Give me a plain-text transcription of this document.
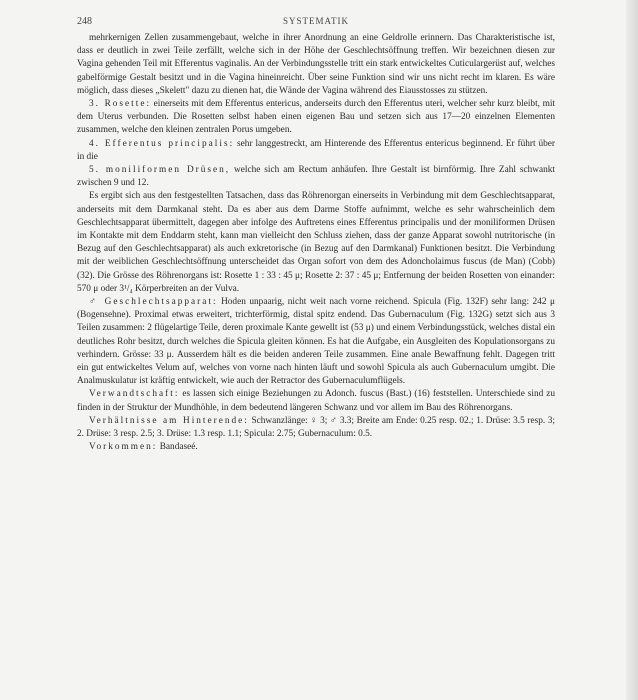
248	SYSTEMATIK

mehrkernigen Zellen zusammengebaut, welche in ihrer Anordnung an eine Geldrolle erinnern. Das Charakteristische ist, dass er deutlich in zwei Teile zerfällt, welche sich in der Höhe der Geschlechtsöffnung treffen. Wir bezeichnen diesen zur Vagina gehenden Teil mit Efferentus vaginalis. An der Verbindungsstelle tritt ein stark entwickeltes Cuticulargerüst auf, welches gabelförmige Gestalt besitzt und in die Vagina hineinreicht. Über seine Funktion sind wir uns nicht recht im klaren. Es wäre möglich, dass dieses „Skelett" dazu zu dienen hat, die Wände der Vagina während des Eiausstosses zu stützen.

3. Rosette: einerseits mit dem Efferentus entericus, anderseits durch den Efferentus uteri, welcher sehr kurz bleibt, mit dem Uterus verbunden. Die Rosetten selbst haben einen eigenen Bau und setzen sich aus 17—20 einzelnen Elementen zusammen, welche den kleinen zentralen Porus umgeben.

4. Efferentus principalis: sehr langgestreckt, am Hinterende des Efferentus entericus beginnend. Er führt über in die

5. moniliformen Drüsen, welche sich am Rectum anhäufen. Ihre Gestalt ist birnförmig. Ihre Zahl schwankt zwischen 9 und 12.

Es ergibt sich aus den festgestellten Tatsachen, dass das Röhrenorgan einerseits in Verbindung mit dem Geschlechtsapparat, anderseits mit dem Darmkanal steht. Da es aber aus dem Darme Stoffe aufnimmt, welche es sehr wahrscheinlich dem Geschlechtsapparat übermittelt, dagegen aber infolge des Auftretens eines Efferentus principalis und der moniliformen Drüsen im Kontakte mit dem Enddarm steht, kann man vielleicht den Schluss ziehen, dass der ganze Apparat sowohl nutritorische (in Bezug auf den Geschlechtsapparat) als auch exkretorische (in Bezug auf den Darmkanal) Funktionen besitzt. Die Verbindung mit der weiblichen Geschlechtsöffnung unterscheidet das Organ sofort von dem des Adoncholaimus fuscus (de Man) (Cobb) (32). Die Grösse des Röhrenorgans ist: Rosette 1 : 33 : 45 μ; Rosette 2: 37 : 45 μ; Entfernung der beiden Rosetten von einander: 570 μ oder 3¹/₄ Körperbreiten an der Vulva.

♂ Geschlechtsapparat: Hoden unpaarig, nicht weit nach vorne reichend. Spicula (Fig. 132F) sehr lang: 242 μ (Bogensehne). Proximal etwas erweitert, trichterförmig, distal spitz endend. Das Gubernaculum (Fig. 132G) setzt sich aus 3 Teilen zusammen: 2 flügelartige Teile, deren proximale Kante gewellt ist (53 μ) und einem Verbindungsstück, welches distal ein deutliches Rohr besitzt, durch welches die Spicula gleiten können. Es hat die Aufgabe, ein Ausgleiten des Kopulationsorgans zu verhindern. Grösse: 33 μ. Ausserdem hält es die beiden anderen Teile zusammen. Eine anale Bewaffnung fehlt. Dagegen tritt ein gut entwickeltes Velum auf, welches von vorne nach hinten läuft und sowohl Spicula als auch Gubernaculum umgibt. Die Analmuskulatur ist kräftig entwickelt, wie auch der Retractor des Gubernaculumflügels.

Verwandtschaft: es lassen sich einige Beziehungen zu Adonch. fuscus (Bast.) (16) feststellen. Unterschiede sind zu finden in der Struktur der Mundhöhle, in dem bedeutend längeren Schwanz und vor allem im Bau des Röhrenorgans.

Verhältnisse am Hinterende: Schwanzlänge: ♀ 3; ♂ 3.3; Breite am Ende: 0.25 resp. 02.; 1. Drüse: 3.5 resp. 3; 2. Drüse: 3 resp. 2.5; 3. Drüse: 1.3 resp. 1.1; Spicula: 2.75; Gubernaculum: 0.5.

Vorkommen: Bandaseé.
